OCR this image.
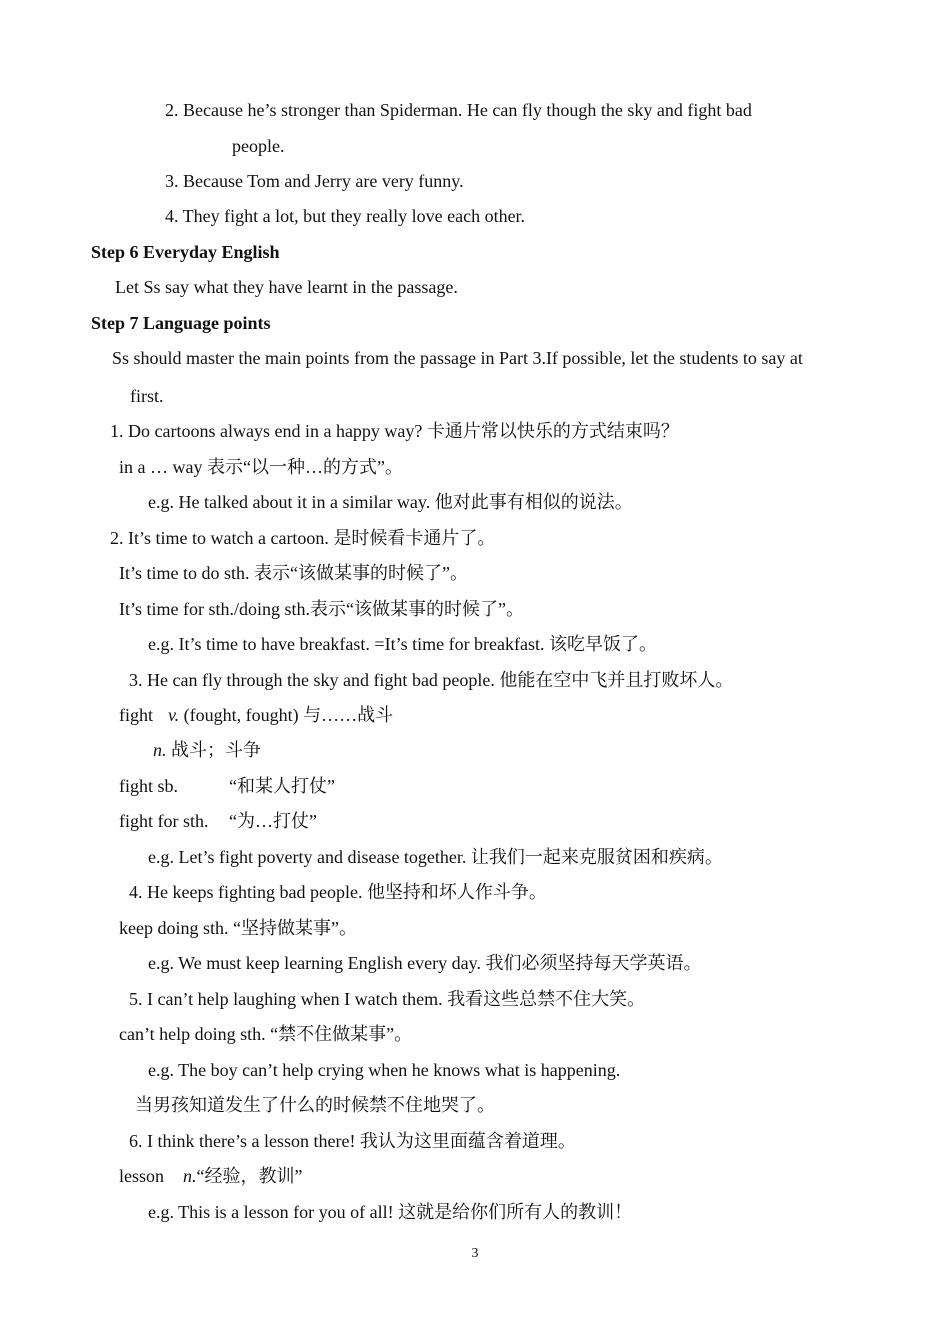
2. Because he’s stronger than Spiderman. He can fly though the sky and fight bad
people.
3. Because Tom and Jerry are very funny.
4. They fight a lot, but they really love each other.
Step 6 Everyday English
Let Ss say what they have learnt in the passage.
Step 7 Language points
Ss should master the main points from the passage in Part 3.If possible, let the students to say at
first.
1. Do cartoons always end in a happy way? 卡通片常以快乐的方式结束吗？
in a … way 表示“以一种…的方式”。
e.g. He talked about it in a similar way. 他对此事有相似的说法。
2. It’s time to watch a cartoon. 是时候看卡通片了。
It’s time to do sth. 表示“该做某事的时候了”。
It’s time for sth./doing sth.表示“该做某事的时候了”。
e.g. It’s time to have breakfast. =It’s time for breakfast. 该吃早饭了。
3. He can fly through the sky and fight bad people. 他能在空中飞并且打败坏人。
fight v. (fought, fought) 与……战斗
n. 战斗；斗争
fight sb.	“和某人打仗”
fight for sth. “为…打仗”
e.g. Let’s fight poverty and disease together. 让我们一起来克服贫困和疾病。
4. He keeps fighting bad people. 他坚持和坏人作斗争。
keep doing sth. “坚持做某事”。
e.g. We must keep learning English every day. 我们必须坚持每天学英语。
5. I can’t help laughing when I watch them. 我看这些总禁不住大笑。
can’t help doing sth. “禁不住做某事”。
e.g. The boy can’t help crying when he knows what is happening.
当男孩知道发生了什么的时候禁不住地哭了。
6. I think there’s a lesson there! 我认为这里面蕴含着道理。
lesson n.“经验，教训”
e.g. This is a lesson for you of all! 这就是给你们所有人的教训！
3
